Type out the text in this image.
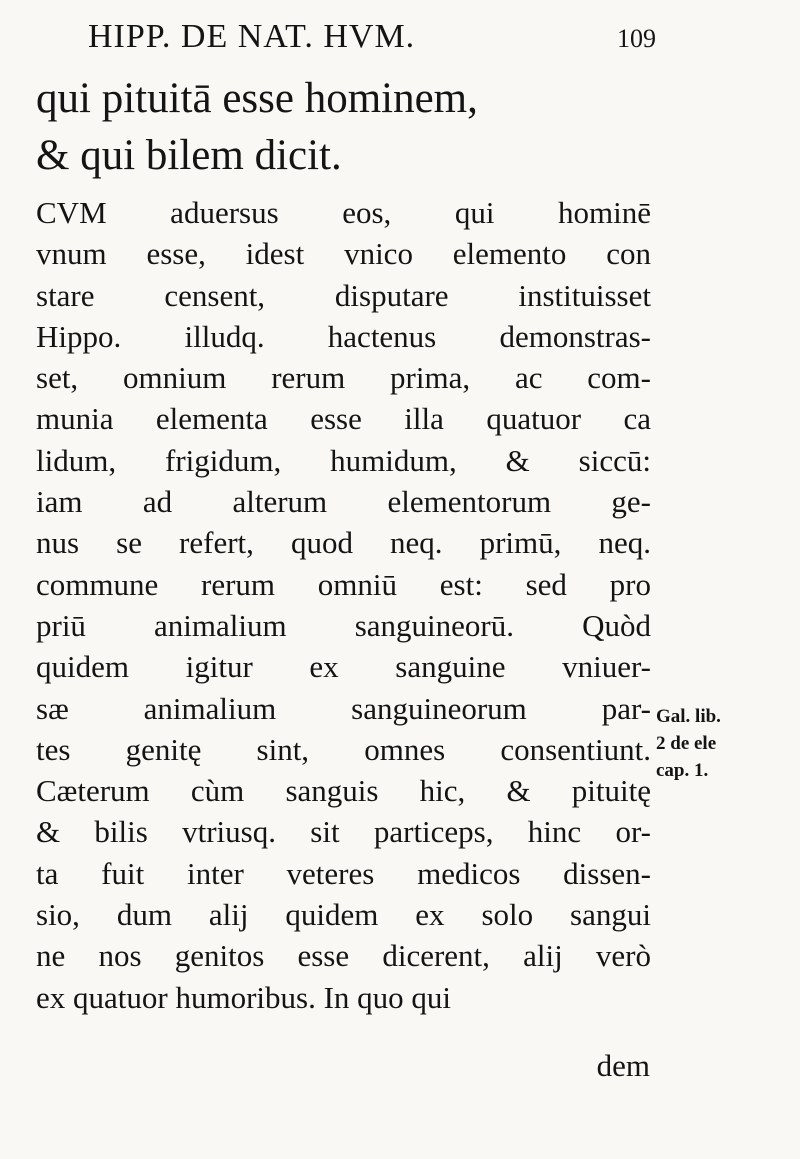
HIPP. DE NAT. HVM.	109
qui pituitā esse hominem,
& qui bilem dicit.
CVM aduersus eos, qui hominē
vnum esse, idest vnico elemento con
stare censent, disputare instituisset
Hippo. illudq. hactenus demonstras-
set, omnium rerum prima, ac com-
munia elementa esse illa quatuor ca
lidum, frigidum, humidum, & siccū:
iam ad alterum elementorum ge-
nus se refert, quod neq. primū, neq.
commune rerum omniū est: sed pro
priū animalium sanguineorū. Quòd
quidem igitur ex sanguine vniuer-
sæ animalium sanguineorum par-
tes genitę sint, omnes consentiunt.
Cæterum cùm sanguis hic, & pituitę
& bilis vtriusq. sit particeps, hinc or-
ta fuit inter veteres medicos dissen-
sio, dum alij quidem ex solo sangui
ne nos genitos esse dicerent, alij verò
ex quatuor humoribus. In quo qui
dem
Gal. lib.
2 de ele
cap. 1.
